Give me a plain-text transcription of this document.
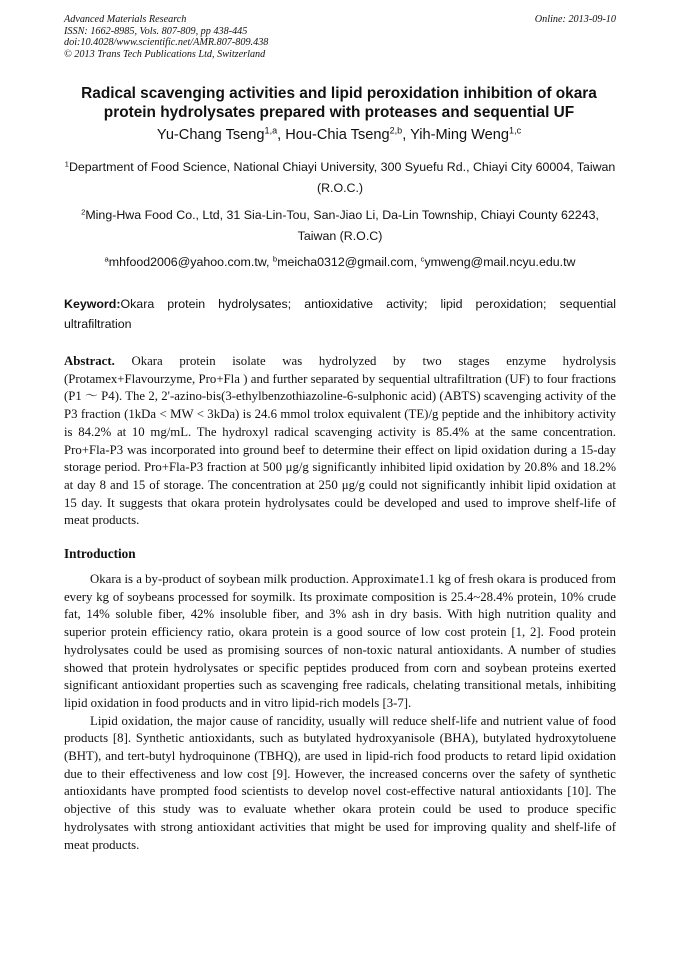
Advanced Materials Research
ISSN: 1662-8985, Vols. 807-809, pp 438-445
doi:10.4028/www.scientific.net/AMR.807-809.438
© 2013 Trans Tech Publications Ltd, Switzerland
Online: 2013-09-10
Radical scavenging activities and lipid peroxidation inhibition of okara protein hydrolysates prepared with proteases and sequential UF
Yu-Chang Tseng$^{1,a}$, Hou-Chia Tseng$^{2,b}$, Yih-Ming Weng$^{1,c}$
$^1$Department of Food Science, National Chiayi University, 300 Syuefu Rd., Chiayi City 60004, Taiwan (R.O.C.)
$^2$Ming-Hwa Food Co., Ltd, 31 Sia-Lin-Tou, San-Jiao Li, Da-Lin Township, Chiayi County 62243, Taiwan (R.O.C)
$^a$mhfood2006@yahoo.com.tw, $^b$meicha0312@gmail.com, $^c$ymweng@mail.ncyu.edu.tw
Keyword:Okara protein hydrolysates; antioxidative activity; lipid peroxidation; sequential ultrafiltration
Abstract. Okara protein isolate was hydrolyzed by two stages enzyme hydrolysis (Protamex+Flavourzyme, Pro+Fla ) and further separated by sequential ultrafiltration (UF) to four fractions (P1 ～ P4). The 2, 2'-azino-bis(3-ethylbenzothiazoline-6-sulphonic acid) (ABTS) scavenging activity of the P3 fraction (1kDa < MW < 3kDa) is 24.6 mmol trolox equivalent (TE)/g peptide and the inhibitory activity is 84.2% at 10 mg/mL. The hydroxyl radical scavenging activity is 85.4% at the same concentration. Pro+Fla-P3 was incorporated into ground beef to determine their effect on lipid oxidation during a 15-day storage period. Pro+Fla-P3 fraction at 500 μg/g significantly inhibited lipid oxidation by 20.8% and 18.2% at day 8 and 15 of storage. The concentration at 250 μg/g could not significantly inhibit lipid oxidation at 15 day. It suggests that okara protein hydrolysates could be developed and used to improve shelf-life of meat products.
Introduction

Okara is a by-product of soybean milk production. Approximate1.1 kg of fresh okara is produced from every kg of soybeans processed for soymilk. Its proximate composition is 25.4~28.4% protein, 10% crude fat, 14% soluble fiber, 42% insoluble fiber, and 3% ash in dry basis. With high nutrition quality and superior protein efficiency ratio, okara protein is a good source of low cost protein [1, 2]. Food protein hydrolysates could be used as promising sources of non-toxic natural antioxidants. A number of studies showed that protein hydrolysates or specific peptides produced from corn and soybean proteins exerted significant antioxidant properties such as scavenging free radicals, chelating transitional metals, inhibiting lipid oxidation in food products and in vitro lipid-rich models [3-7].

Lipid oxidation, the major cause of rancidity, usually will reduce shelf-life and nutrient value of food products [8]. Synthetic antioxidants, such as butylated hydroxyanisole (BHA), butylated hydroxytoluene (BHT), and tert-butyl hydroquinone (TBHQ), are used in lipid-rich food products to retard lipid oxidation due to their effectiveness and low cost [9]. However, the increased concerns over the safety of synthetic antioxidants have prompted food scientists to develop novel cost-effective natural antioxidants [10]. The objective of this study was to evaluate whether okara protein could be used to produce specific hydrolysates with strong antioxidant activities that might be used for improving quality and shelf-life of meat products.
